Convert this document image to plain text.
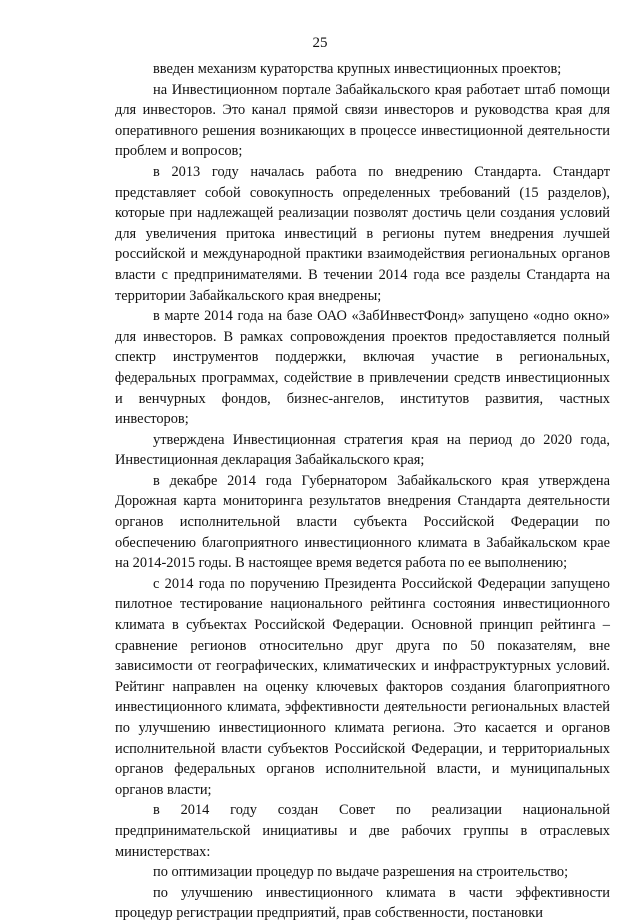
25

введен механизм кураторства крупных инвестиционных проектов;

на Инвестиционном портале Забайкальского края работает штаб помощи для инвесторов. Это канал прямой связи инвесторов и руководства края для оперативного решения возникающих в процессе инвестиционной деятельности проблем и вопросов;

в 2013 году началась работа по внедрению Стандарта. Стандарт представляет собой совокупность определенных требований (15 разделов), которые при надлежащей реализации позволят достичь цели создания условий для увеличения притока инвестиций в регионы путем внедрения лучшей российской и международной практики взаимодействия региональных органов власти с предпринимателями. В течении 2014 года все разделы Стандарта на территории Забайкальского края внедрены;

в марте 2014 года на базе ОАО «ЗабИнвестФонд» запущено «одно окно» для инвесторов. В рамках сопровождения проектов предоставляется полный спектр инструментов поддержки, включая участие в региональных, федеральных программах, содействие в привлечении средств инвестиционных и венчурных фондов, бизнес-ангелов, институтов развития, частных инвесторов;

утверждена Инвестиционная стратегия края на период до 2020 года, Инвестиционная декларация Забайкальского края;

в декабре 2014 года Губернатором Забайкальского края утверждена Дорожная карта мониторинга результатов внедрения Стандарта деятельности органов исполнительной власти субъекта Российской Федерации по обеспечению благоприятного инвестиционного климата в Забайкальском крае на 2014-2015 годы. В настоящее время ведется работа по ее выполнению;

с 2014 года по поручению Президента Российской Федерации запущено пилотное тестирование национального рейтинга состояния инвестиционного климата в субъектах Российской Федерации. Основной принцип рейтинга – сравнение регионов относительно друг друга по 50 показателям, вне зависимости от географических, климатических и инфраструктурных условий. Рейтинг направлен на оценку ключевых факторов создания благоприятного инвестиционного климата, эффективности деятельности региональных властей по улучшению инвестиционного климата региона. Это касается и органов исполнительной власти субъектов Российской Федерации, и территориальных органов федеральных органов исполнительной власти, и муниципальных органов власти;

в 2014 году создан Совет по реализации национальной предпринимательской инициативы и две рабочих группы в отраслевых министерствах:

по оптимизации процедур по выдаче разрешения на строительство;

по улучшению инвестиционного климата в части эффективности процедур регистрации предприятий, прав собственности, постановки
